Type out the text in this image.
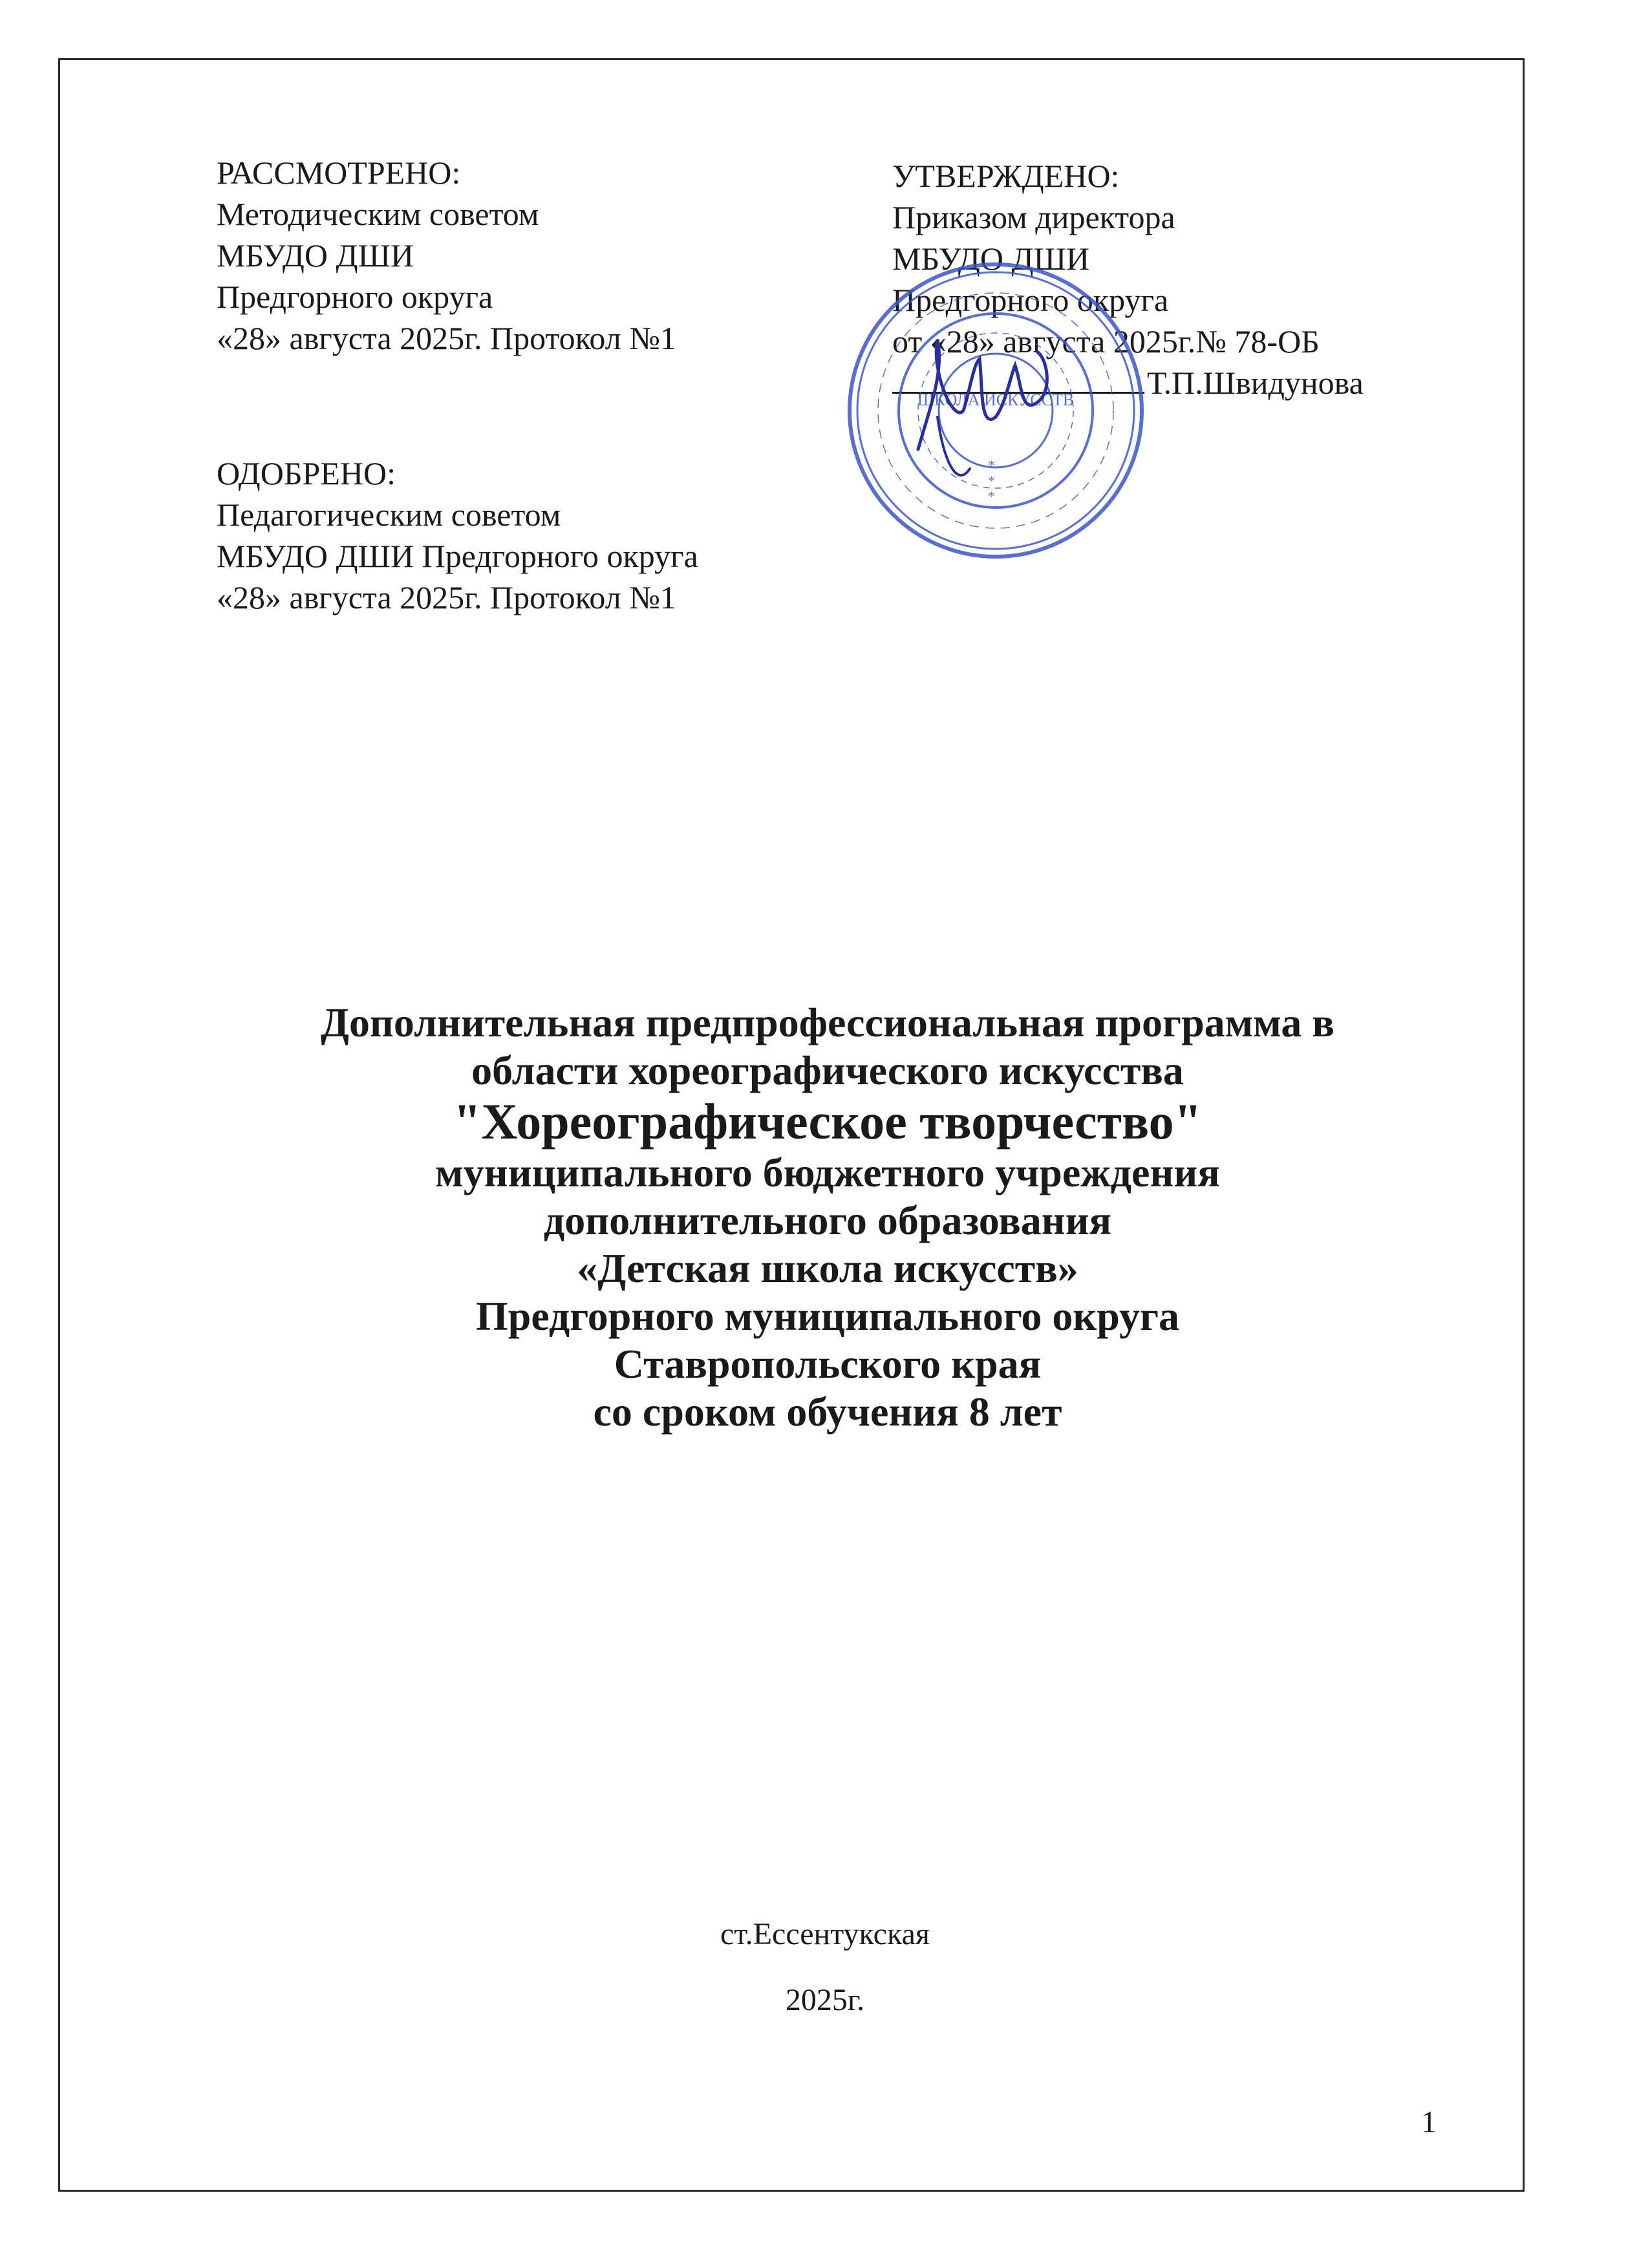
РАССМОТРЕНО:
Методическим советом
МБУДО ДШИ
Предгорного округа
«28» августа 2025г. Протокол №1
УТВЕРЖДЕНО:
Приказом директора
МБУДО ДШИ
Предгорного округа
от «28» августа 2025г.№ 78-ОБ
Т.П.Швидунова
ШКОЛА ИСКУССТВ
*
*
*
ОДОБРЕНО:
Педагогическим советом
МБУДО ДШИ Предгорного округа
«28» августа 2025г. Протокол №1
Дополнительная предпрофессиональная программа в
области хореографического искусства
"Хореографическое творчество"
муниципального бюджетного учреждения
дополнительного образования
«Детская школа искусств»
Предгорного муниципального округа
Ставропольского края
со сроком обучения 8 лет
ст.Ессентукская
2025г.
1
